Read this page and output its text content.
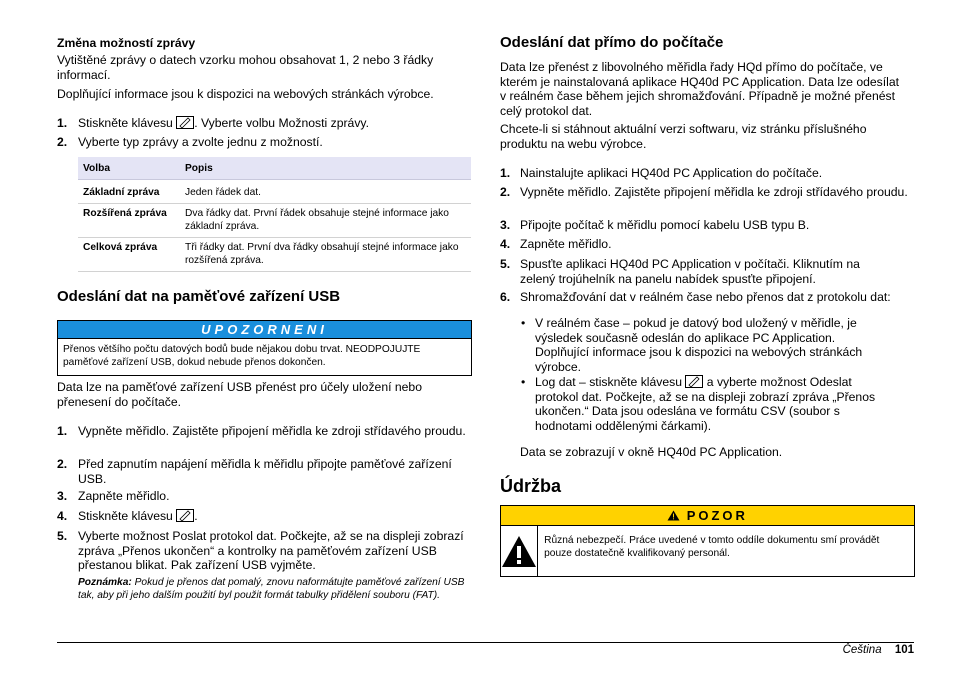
Změna možností zprávy

Vytištěné zprávy o datech vzorku mohou obsahovat 1, 2 nebo 3 řádky informací.

Doplňující informace jsou k dispozici na webových stránkách výrobce.

1. Stiskněte klávesu . Vyberte volbu Možnosti zprávy.
2. Vyberte typ zprávy a zvolte jednu z možností.
Volba	Popis
Základní zpráva	Jeden řádek dat.
Rozšířená zpráva	Dva řádky dat. První řádek obsahuje stejné informace jako základní zpráva.
Celková zpráva	Tři řádky dat. První dva řádky obsahují stejné informace jako rozšířená zpráva.
Odeslání dat na paměťové zařízení USB
UPOZORNENI
Přenos většího počtu datových bodů bude nějakou dobu trvat. NEODPOJUJTE paměťové zařízení USB, dokud nebude přenos dokončen.

Data lze na paměťové zařízení USB přenést pro účely uložení nebo přenesení do počítače.

1. Vypněte měřidlo. Zajistěte připojení měřidla ke zdroji střídavého proudu.
2. Před zapnutím napájení měřidla k měřidlu připojte paměťové zařízení USB.
3. Zapněte měřidlo.
4. Stiskněte klávesu .
5. Vyberte možnost Poslat protokol dat. Počkejte, až se na displeji zobrazí zpráva „Přenos ukončen“ a kontrolky na paměťovém zařízení USB přestanou blikat. Pak zařízení USB vyjměte.
Poznámka: Pokud je přenos dat pomalý, znovu naformátujte paměťové zařízení USB tak, aby při jeho dalším použití byl použit formát tabulky přidělení souboru (FAT).
Odeslání dat přímo do počítače

Data lze přenést z libovolného měřidla řady HQd přímo do počítače, ve kterém je nainstalovaná aplikace HQ40d PC Application. Data lze odesílat v reálném čase během jejich shromažďování. Případně je možné přenést celý protokol dat.

Chcete-li si stáhnout aktuální verzi softwaru, viz stránku příslušného produktu na webu výrobce.

1. Nainstalujte aplikaci HQ40d PC Application do počítače.
2. Vypněte měřidlo. Zajistěte připojení měřidla ke zdroji střídavého proudu.
3. Připojte počítač k měřidlu pomocí kabelu USB typu B.
4. Zapněte měřidlo.
5. Spusťte aplikaci HQ40d PC Application v počítači. Kliknutím na zelený trojúhelník na panelu nabídek spusťte připojení.
6. Shromažďování dat v reálném čase nebo přenos dat z protokolu dat:
• V reálném čase – pokud je datový bod uložený v měřidle, je výsledek současně odeslán do aplikace PC Application. Doplňující informace jsou k dispozici na webových stránkách výrobce.
• Log dat – stiskněte klávesu  a vyberte možnost Odeslat protokol dat. Počkejte, až se na displeji zobrazí zpráva „Přenos ukončen.“ Data jsou odeslána ve formátu CSV (soubor s hodnotami oddělenými čárkami).

Data se zobrazují v okně HQ40d PC Application.

Údržba
POZOR
Různá nebezpečí. Práce uvedené v tomto oddíle dokumentu smí provádět pouze dostatečně kvalifikovaný personál.
Čeština 101
